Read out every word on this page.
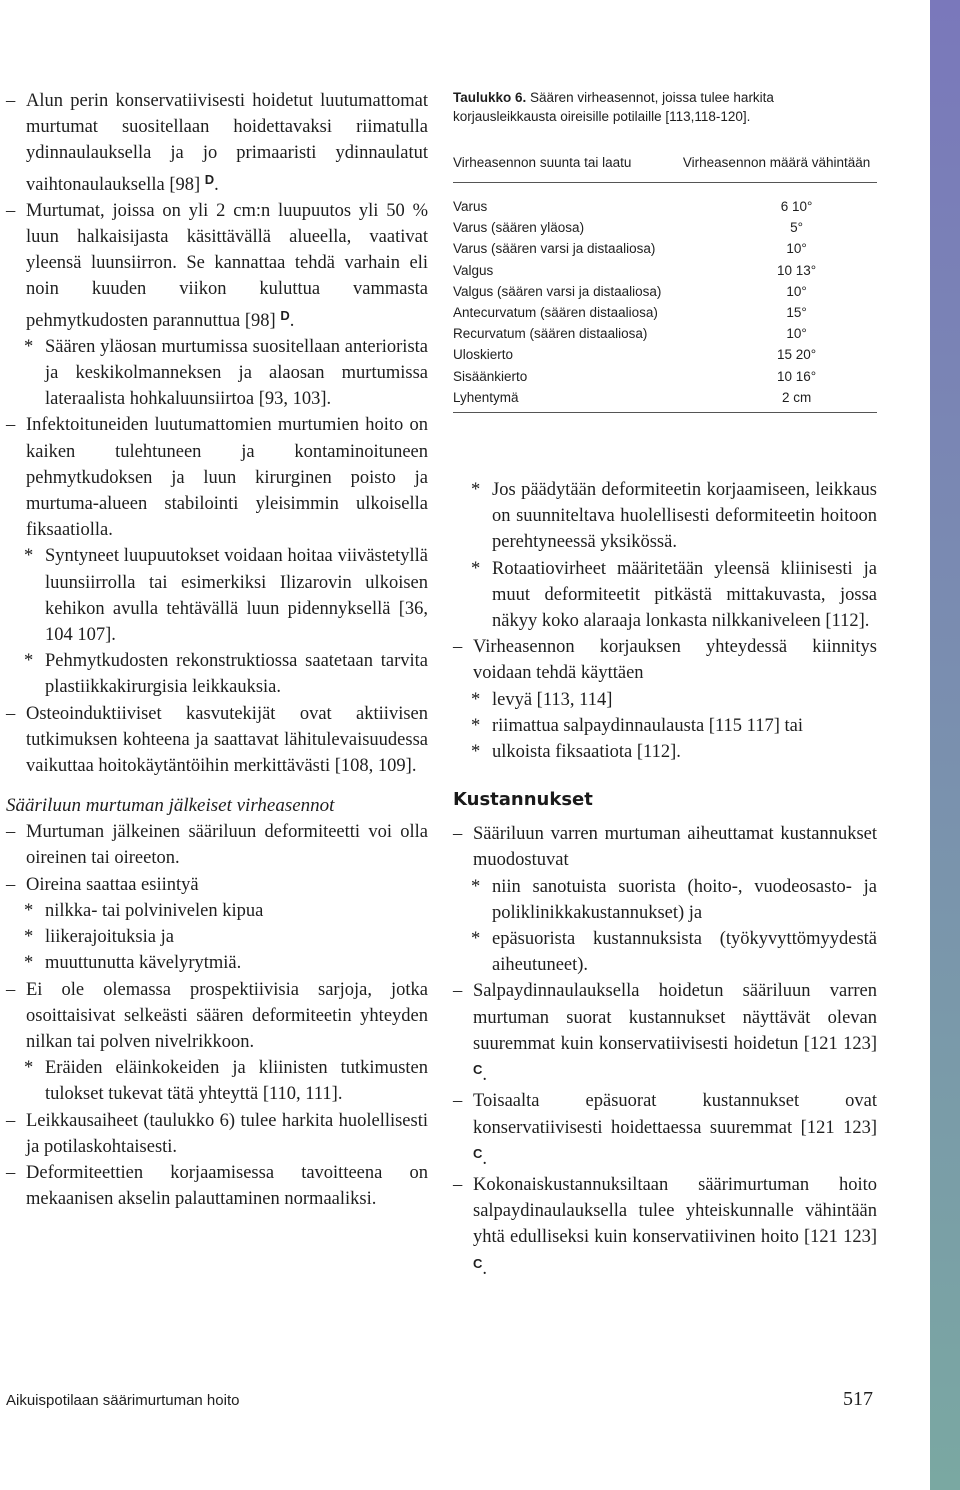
– Alun perin konservatiivisesti hoidetut luutumattomat murtumat suositellaan hoidettavaksi riimatulla ydinnaulauksella ja jo primaaristi ydinnaulatut vaihtonaulauksella [98] $^D$.
– Murtumat, joissa on yli 2 cm:n luupuutos yli 50 % luun halkaisijasta käsittävällä alueella, vaativat yleensä luunsiirron. Se kannattaa tehdä varhain eli noin kuuden viikon kuluttua vammasta pehmytkudosten parannuttua [98] $^D$.
* Säären yläosan murtumissa suositellaan anteriorista ja keskikolmanneksen ja alaosan murtumissa lateraalista hohkaluunsiirtoa [93, 103].
– Infektoituneiden luutumattomien murtumien hoito on kaiken tulehtuneen ja kontaminoituneen pehmytkudoksen ja luun kirurginen poisto ja murtuma-alueen stabilointi yleisimmin ulkoisella fiksaatiolla.
* Syntyneet luupuutokset voidaan hoitaa viivästetyllä luunsiirrolla tai esimerkiksi Ilizarovin ulkoisen kehikon avulla tehtävällä luun pidennyksellä [36, 104 107].
* Pehmytkudosten rekonstruktiossa saatetaan tarvita plastiikkakirurgisia leikkauksia.
– Osteoinduktiiviset kasvutekijät ovat aktiivisen tutkimuksen kohteena ja saattavat lähitulevaisuudessa vaikuttaa hoitokäytäntöihin merkittävästi [108, 109].
Sääriluun murtuman jälkeiset virheasennot
– Murtuman jälkeinen sääriluun deformiteetti voi olla oireinen tai oireeton.
– Oireina saattaa esiintyä
* nilkka- tai polvinivelen kipua
* liikerajoituksia ja
* muuttunutta kävelyrytmiä.
– Ei ole olemassa prospektiivisia sarjoja, jotka osoittaisivat selkeästi säären deformiteetin yhteyden nilkan tai polven nivelrikkoon.
* Eräiden eläinkokeiden ja kliinisten tutkimusten tulokset tukevat tätä yhteyttä [110, 111].
– Leikkausaiheet (taulukko 6) tulee harkita huolellisesti ja potilaskohtaisesti.
– Deformiteettien korjaamisessa tavoitteena on mekaanisen akselin palauttaminen normaaliksi.
Taulukko 6. Säären virheasennot, joissa tulee harkita korjausleikkausta oireisille potilaille [113,118-120].
Virheasennon suunta tai laatu	Virheasennon määrä vähintään
Varus	6 10°
Varus (säären yläosa)	5°
Varus (säären varsi ja distaaliosa)	10°
Valgus	10 13°
Valgus (säären varsi ja distaaliosa)	10°
Antecurvatum (säären distaaliosa)	15°
Recurvatum (säären distaaliosa)	10°
Uloskierto	15 20°
Sisäänkierto	10 16°
Lyhentymä	2 cm
* Jos päädytään deformiteetin korjaamiseen, leikkaus on suunniteltava huolellisesti deformiteetin hoitoon perehtyneessä yksikössä.
* Rotaatiovirheet määritetään yleensä kliinisesti ja muut deformiteetit pitkästä mittakuvasta, jossa näkyy koko alaraaja lonkasta nilkkaniveleen [112].
– Virheasennon korjauksen yhteydessä kiinnitys voidaan tehdä käyttäen
* levyä [113, 114]
* riimattua salpaydinnaulausta [115 117] tai
* ulkoista fiksaatiota [112].
Kustannukset
– Sääriluun varren murtuman aiheuttamat kustannukset muodostuvat
* niin sanotuista suorista (hoito-, vuodeosasto- ja poliklinikkakustannukset) ja
* epäsuorista kustannuksista (työkyvyttömyydestä aiheutuneet).
– Salpaydinnaulauksella hoidetun sääriluun varren murtuman suorat kustannukset näyttävät olevan suuremmat kuin konservatiivisesti hoidetun [121 123] $^C$.
– Toisaalta epäsuorat kustannukset ovat konservatiivisesti hoidettaessa suuremmat [121 123] $^C$.
– Kokonaiskustannuksiltaan säärimurtuman hoito salpaydinaulauksella tulee yhteiskunnalle vähintään yhtä edulliseksi kuin konservatiivinen hoito [121 123] $^C$.
Aikuispotilaan säärimurtuman hoito	517
